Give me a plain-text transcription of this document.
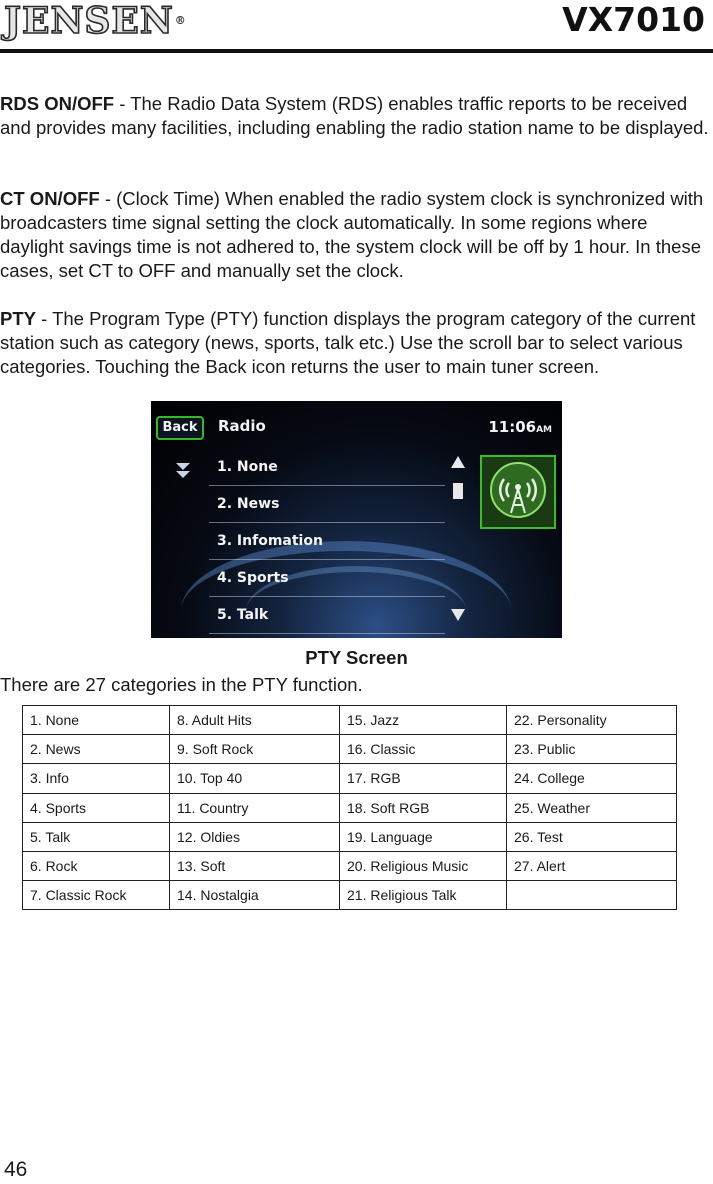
JENSEN®	VX7010

RDS ON/OFF - The Radio Data System (RDS) enables traffic reports to be received and provides many facilities, including enabling the radio station name to be displayed.

CT ON/OFF - (Clock Time) When enabled the radio system clock is synchronized with broadcasters time signal setting the clock automatically. In some regions where daylight savings time is not adhered to, the system clock will be off by 1 hour. In these cases, set CT to OFF and manually set the clock.

PTY - The Program Type (PTY) function displays the program category of the current station such as category (news, sports, talk etc.) Use the scroll bar to select various categories. Touching the Back icon returns the user to main tuner screen.

Back	Radio	11:06AM
1. None
2. News
3. Infomation
4. Sports
5. Talk
PTY Screen
There are 27 categories in the PTY function.
1. None	8. Adult Hits	15. Jazz	22. Personality
2. News	9. Soft Rock	16. Classic	23. Public
3. Info	10. Top 40	17. RGB	24. College
4. Sports	11. Country	18. Soft RGB	25. Weather
5. Talk	12. Oldies	19. Language	26. Test
6. Rock	13. Soft	20. Religious Music	27. Alert
7. Classic Rock	14. Nostalgia	21. Religious Talk	
46
